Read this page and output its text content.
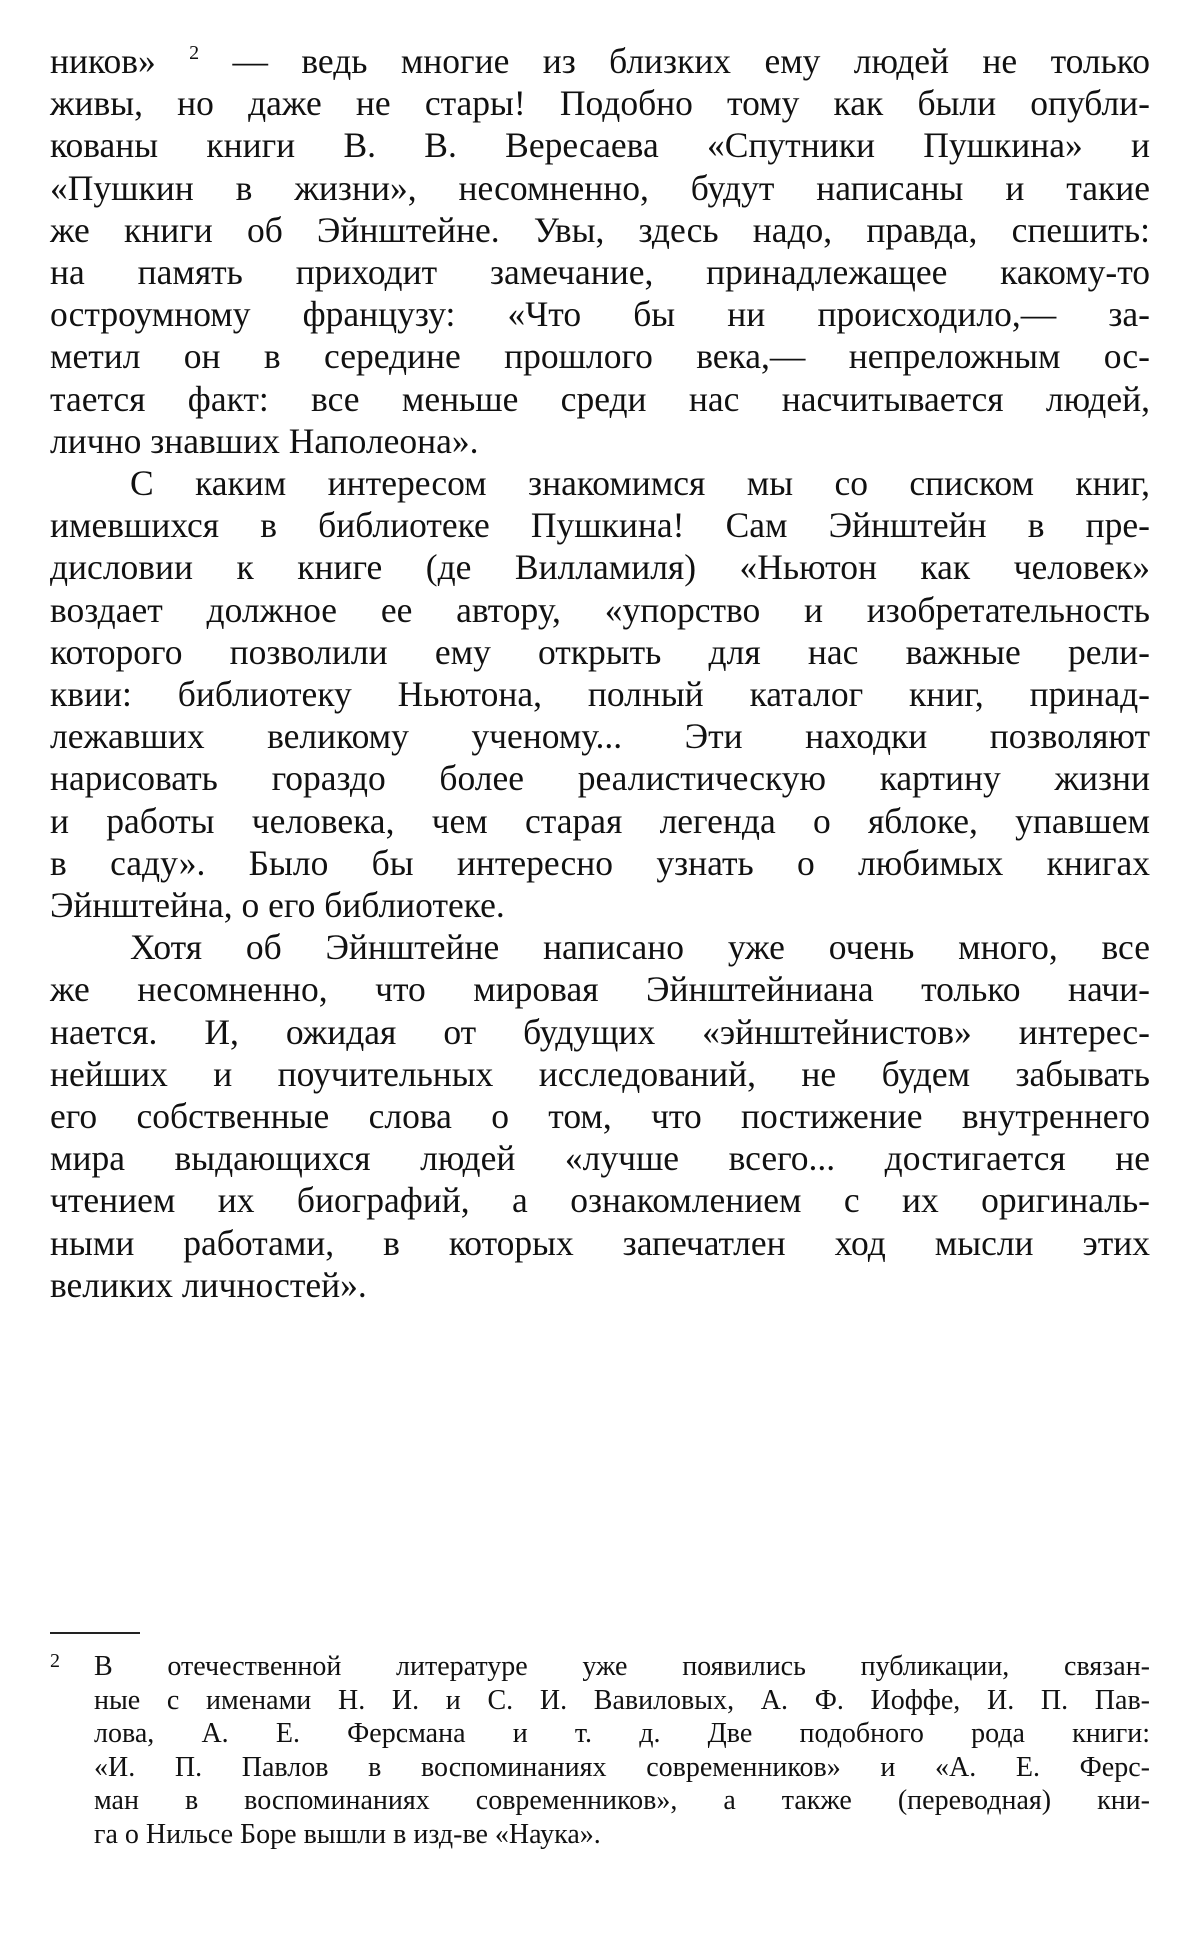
ников» $^2$ — ведь многие из близких ему людей не только
живы, но даже не стары! Подобно тому как были опубли-
кованы книги В. В. Вересаева «Спутники Пушкина» и
«Пушкин в жизни», несомненно, будут написаны и такие
же книги об Эйнштейне. Увы, здесь надо, правда, спешить:
на память приходит замечание, принадлежащее какому-то
остроумному французу: «Что бы ни происходило,— за-
метил он в середине прошлого века,— непреложным ос-
тается факт: все меньше среди нас насчитывается людей,
лично знавших Наполеона».
С каким интересом знакомимся мы со списком книг,
имевшихся в библиотеке Пушкина! Сам Эйнштейн в пре-
дисловии к книге (де Вилламиля) «Ньютон как человек»
воздает должное ее автору, «упорство и изобретательность
которого позволили ему открыть для нас важные рели-
квии: библиотеку Ньютона, полный каталог книг, принад-
лежавших великому ученому... Эти находки позволяют
нарисовать гораздо более реалистическую картину жизни
и работы человека, чем старая легенда о яблоке, упавшем
в саду». Было бы интересно узнать о любимых книгах
Эйнштейна, о его библиотеке.
Хотя об Эйнштейне написано уже очень много, все
же несомненно, что мировая Эйнштейниана только начи-
нается. И, ожидая от будущих «эйнштейнистов» интерес-
нейших и поучительных исследований, не будем забывать
его собственные слова о том, что постижение внутреннего
мира выдающихся людей «лучше всего... достигается не
чтением их биографий, а ознакомлением с их оригиналь-
ными работами, в которых запечатлен ход мысли этих
великих личностей».
2 В отечественной литературе уже появились публикации, связан-
ные с именами Н. И. и С. И. Вавиловых, А. Ф. Иоффе, И. П. Пав-
лова, А. Е. Ферсмана и т. д. Две подобного рода книги:
«И. П. Павлов в воспоминаниях современников» и «А. Е. Ферс-
ман в воспоминаниях современников», а также (переводная) кни-
га о Нильсе Боре вышли в изд-ве «Наука».
